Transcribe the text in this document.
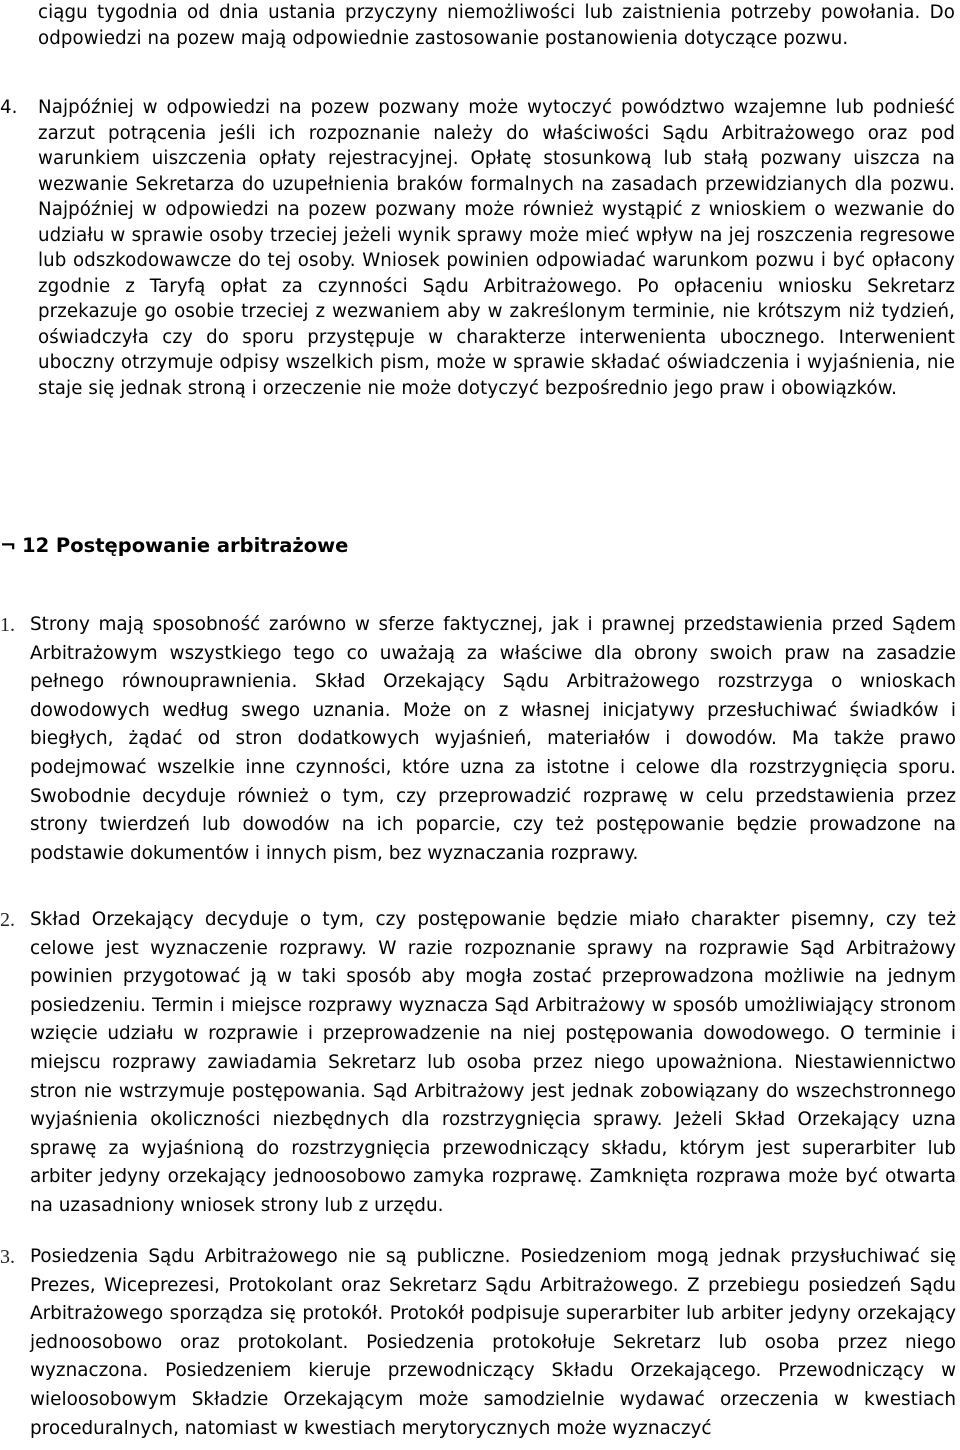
ciągu tygodnia od dnia ustania przyczyny niemożliwości lub zaistnienia potrzeby powołania. Do odpowiedzi na pozew mają odpowiednie zastosowanie postanowienia dotyczące pozwu.

4.	Najpóźniej w odpowiedzi na pozew pozwany może wytoczyć powództwo wzajemne lub podnieść zarzut potrącenia jeśli ich rozpoznanie należy do właściwości Sądu Arbitrażowego oraz pod warunkiem uiszczenia opłaty rejestracyjnej. Opłatę stosunkową lub stałą pozwany uiszcza na wezwanie Sekretarza do uzupełnienia braków formalnych na zasadach przewidzianych dla pozwu. Najpóźniej w odpowiedzi na pozew pozwany może również wystąpić z wnioskiem o wezwanie do udziału w sprawie osoby trzeciej jeżeli wynik sprawy może mieć wpływ na jej roszczenia regresowe lub odszkodowawcze do tej osoby. Wniosek powinien odpowiadać warunkom pozwu i być opłacony zgodnie z Taryfą opłat za czynności Sądu Arbitrażowego. Po opłaceniu wniosku Sekretarz przekazuje go osobie trzeciej z wezwaniem aby w zakreślonym terminie, nie krótszym niż tydzień, oświadczyła czy do sporu przystępuje w charakterze interwenienta ubocznego. Interwenient uboczny otrzymuje odpisy wszelkich pism, może w sprawie składać oświadczenia i wyjaśnienia, nie staje się jednak stroną i orzeczenie nie może dotyczyć bezpośrednio jego praw i obowiązków.
¬ 12 Postępowanie arbitrażowe
1. Strony mają sposobność zarówno w sferze faktycznej, jak i prawnej przedstawienia przed Sądem Arbitrażowym wszystkiego tego co uważają za właściwe dla obrony swoich praw na zasadzie pełnego równouprawnienia. Skład Orzekający Sądu Arbitrażowego rozstrzyga o wnioskach dowodowych według swego uznania. Może on z własnej inicjatywy przesłuchiwać świadków i biegłych, żądać od stron dodatkowych wyjaśnień, materiałów i dowodów. Ma także prawo podejmować wszelkie inne czynności, które uzna za istotne i celowe dla rozstrzygnięcia sporu. Swobodnie decyduje również o tym, czy przeprowadzić rozprawę w celu przedstawienia przez strony twierdzeń lub dowodów na ich poparcie, czy też postępowanie będzie prowadzone na podstawie dokumentów i innych pism, bez wyznaczania rozprawy.
2. Skład Orzekający decyduje o tym, czy postępowanie będzie miało charakter pisemny, czy też celowe jest wyznaczenie rozprawy. W razie rozpoznanie sprawy na rozprawie Sąd Arbitrażowy powinien przygotować ją w taki sposób aby mogła zostać przeprowadzona możliwie na jednym posiedzeniu. Termin i miejsce rozprawy wyznacza Sąd Arbitrażowy w sposób umożliwiający stronom wzięcie udziału w rozprawie i przeprowadzenie na niej postępowania dowodowego. O terminie i miejscu rozprawy zawiadamia Sekretarz lub osoba przez niego upoważniona. Niestawiennictwo stron nie wstrzymuje postępowania. Sąd Arbitrażowy jest jednak zobowiązany do wszechstronnego wyjaśnienia okoliczności niezbędnych dla rozstrzygnięcia sprawy. Jeżeli Skład Orzekający uzna sprawę za wyjaśnioną do rozstrzygnięcia przewodniczący składu, którym jest superarbiter lub arbiter jedyny orzekający jednoosobowo zamyka rozprawę. Zamknięta rozprawa może być otwarta na uzasadniony wniosek strony lub z urzędu.
3. Posiedzenia Sądu Arbitrażowego nie są publiczne. Posiedzeniom mogą jednak przysłuchiwać się Prezes, Wiceprezesi, Protokolant oraz Sekretarz Sądu Arbitrażowego. Z przebiegu posiedzeń Sądu Arbitrażowego sporządza się protokół. Protokół podpisuje superarbiter lub arbiter jedyny orzekający jednoosobowo oraz protokolant. Posiedzenia protokołuje Sekretarz lub osoba przez niego wyznaczona. Posiedzeniem kieruje przewodniczący Składu Orzekającego. Przewodniczący w wieloosobowym Składzie Orzekającym może samodzielnie wydawać orzeczenia w kwestiach proceduralnych, natomiast w kwestiach merytorycznych może wyznaczyć
